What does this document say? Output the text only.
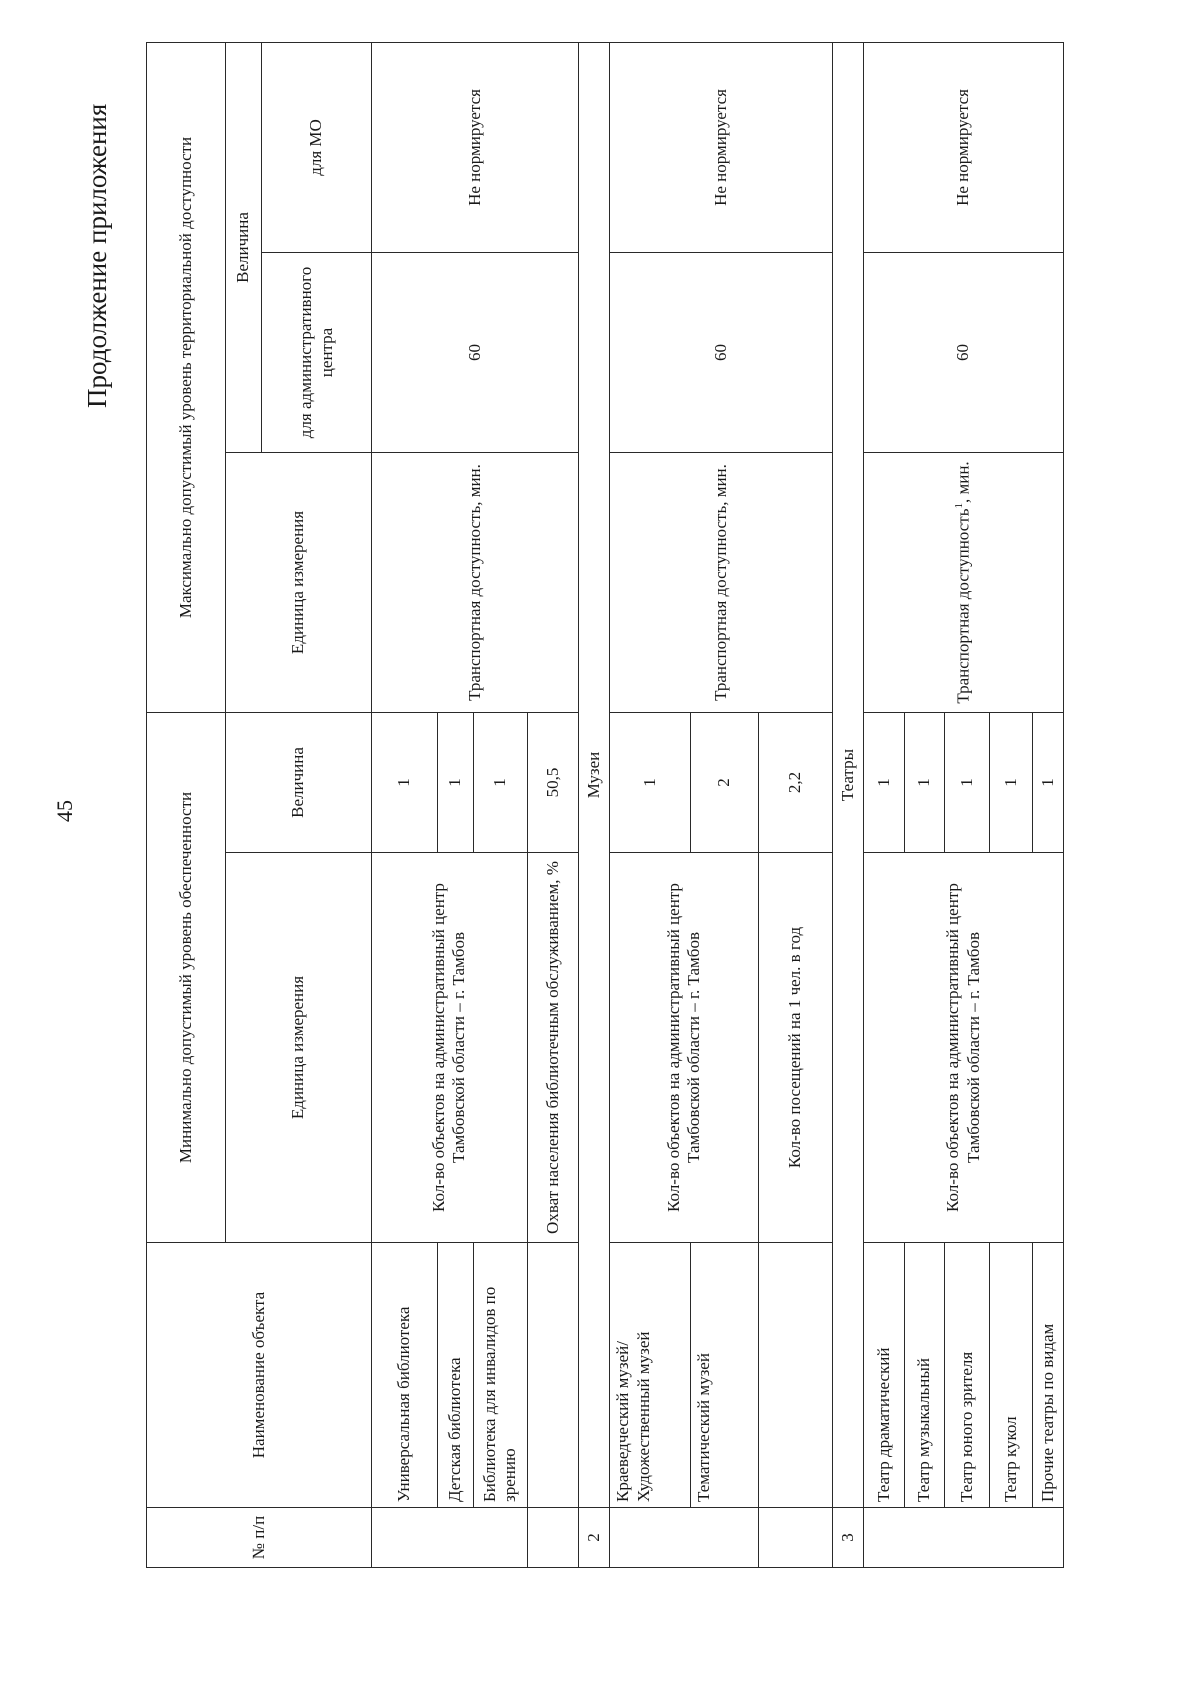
45
Продолжение приложения
№ п/п	Наименование объекта	Минимально допустимый уровень обеспеченности		Максимально допустимый уровень территориальной доступности		
		Единица измерения	Величина	Единица измерения	Величина	
					для административного центра	для МО
	Универсальная библиотека	Кол-во объектов на административный центр Тамбовской области – г. Тамбов	1	Транспортная доступность, мин.	60	Не нормируется
	Детская библиотека		1			
	Библиотека для инвалидов по зрению		1			
		Охват населения библиотечным обслуживанием, %	50,5			
2	Музеи					
	Краеведческий музей/Художественный музей	Кол-во объектов на административный центр Тамбовской области – г. Тамбов	1	Транспортная доступность, мин.	60	Не нормируется
	Тематический музей		2			
		Кол-во посещений на 1 чел. в год	2,2			
3	Театры					
	Театр драматический	Кол-во объектов на административный центр Тамбовской области – г. Тамбов	1	Транспортная доступность$^1$, мин.	60	Не нормируется
	Театр музыкальный		1			
	Театр юного зрителя		1			
	Театр кукол		1			
	Прочие театры по видам		1			
